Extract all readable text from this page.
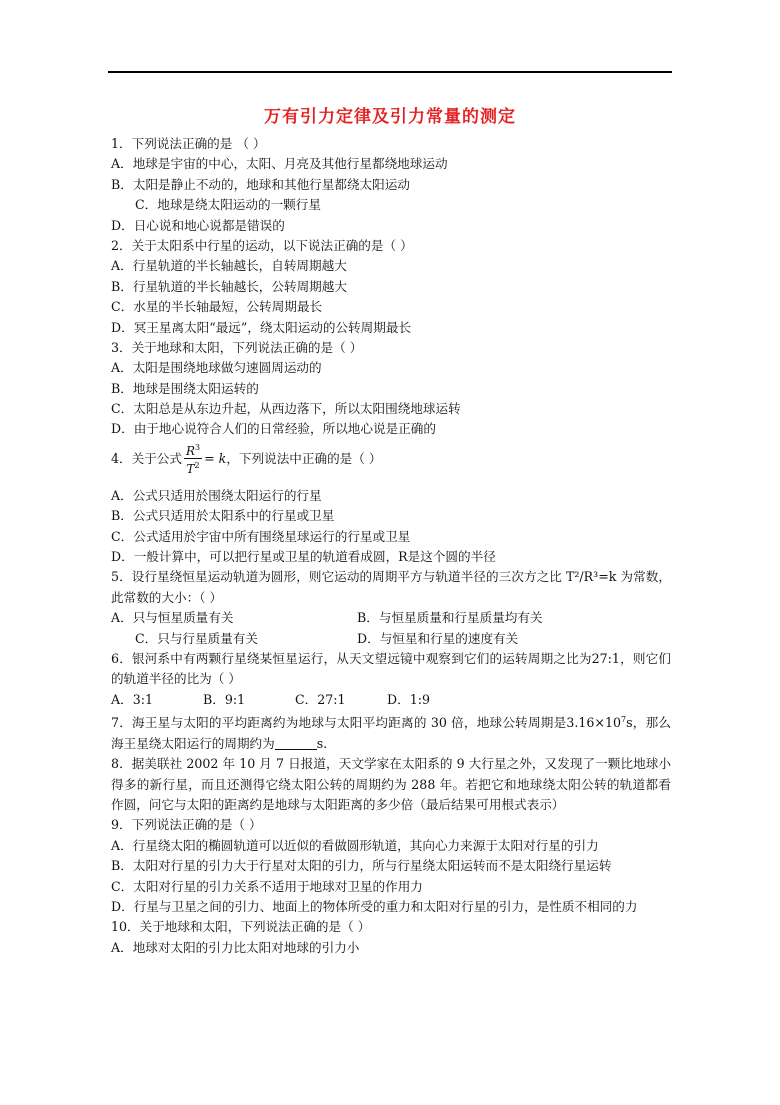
万有引力定律及引力常量的测定
1．下列说法正确的是 （ ）
A．地球是宇宙的中心，太阳、月亮及其他行星都绕地球运动
B．太阳是静止不动的，地球和其他行星都绕太阳运动
C．地球是绕太阳运动的一颗行星
D．日心说和地心说都是错误的
2．关于太阳系中行星的运动，以下说法正确的是（ ）
A．行星轨道的半长轴越长，自转周期越大
B．行星轨道的半长轴越长，公转周期越大
C．水星的半长轴最短，公转周期最长
D．冥王星离太阳“最远”，绕太阳运动的公转周期最长
3．关于地球和太阳，下列说法正确的是（ ）
A．太阳是围绕地球做匀速圆周运动的
B．地球是围绕太阳运转的
C．太阳总是从东边升起，从西边落下，所以太阳围绕地球运转
D．由于地心说符合人们的日常经验，所以地心说是正确的
4．关于公式 $\frac{R^3}{T^2} = k$ ，下列说法中正确的是（ ）
A．公式只适用於围绕太阳运行的行星
B．公式只适用於太阳系中的行星或卫星
C．公式适用於宇宙中所有围绕星球运行的行星或卫星
D．一般计算中，可以把行星或卫星的轨道看成圆，R是这个圆的半径
5．设行星绕恒星运动轨道为圆形，则它运动的周期平方与轨道半径的三次方之比 T²/R³=k 为常数，此常数的大小：（ ）
A．只与恒星质量有关	B．与恒星质量和行星质量均有关
C．只与行星质量有关	D．与恒星和行星的速度有关
6．银河系中有两颗行星绕某恒星运行，从天文望远镜中观察到它们的运转周期之比为27:1，则它们的轨道半径的比为（ ）
A．3:1	B．9:1	C．27:1	D．1:9
7．海王星与太阳的平均距离约为地球与太阳平均距离的 30 倍，地球公转周期是$3.16\times 10^7s$，那么海王星绕太阳运行的周期约为	s.
8．据美联社 2002 年 10 月 7 日报道，天文学家在太阳系的 9 大行星之外，又发现了一颗比地球小得多的新行星，而且还测得它绕太阳公转的周期约为 288 年。若把它和地球绕太阳公转的轨道都看作圆，问它与太阳的距离约是地球与太阳距离的多少倍（最后结果可用根式表示）
9．下列说法正确的是（ ）
A．行星绕太阳的椭圆轨道可以近似的看做圆形轨道，其向心力来源于太阳对行星的引力
B．太阳对行星的引力大于行星对太阳的引力，所与行星绕太阳运转而不是太阳绕行星运转
C．太阳对行星的引力关系不适用于地球对卫星的作用力
D．行星与卫星之间的引力、地面上的物体所受的重力和太阳对行星的引力，是性质不相同的力
10．关于地球和太阳，下列说法正确的是（ ）
A．地球对太阳的引力比太阳对地球的引力小
